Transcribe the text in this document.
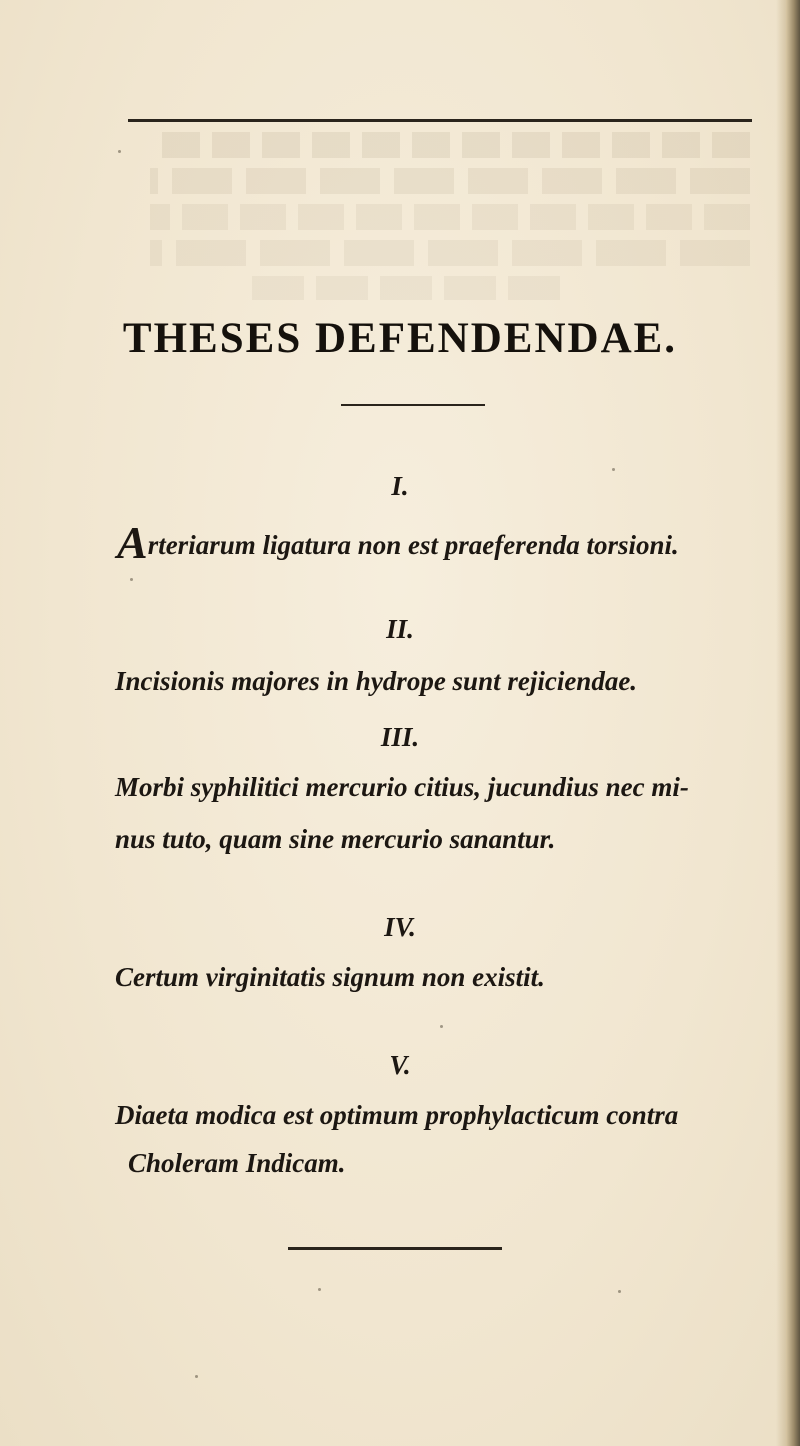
THESES DEFENDENDAE.

I.

Arteriarum ligatura non est praeferenda torsioni.

II.

Incisionis majores in hydrope sunt rejiciendae.

III.

Morbi syphilitici mercurio citius, jucundius nec mi-

nus tuto, quam sine mercurio sanantur.

IV.

Certum virginitatis signum non existit.

V.

Diaeta modica est optimum prophylacticum contra

Choleram Indicam.
